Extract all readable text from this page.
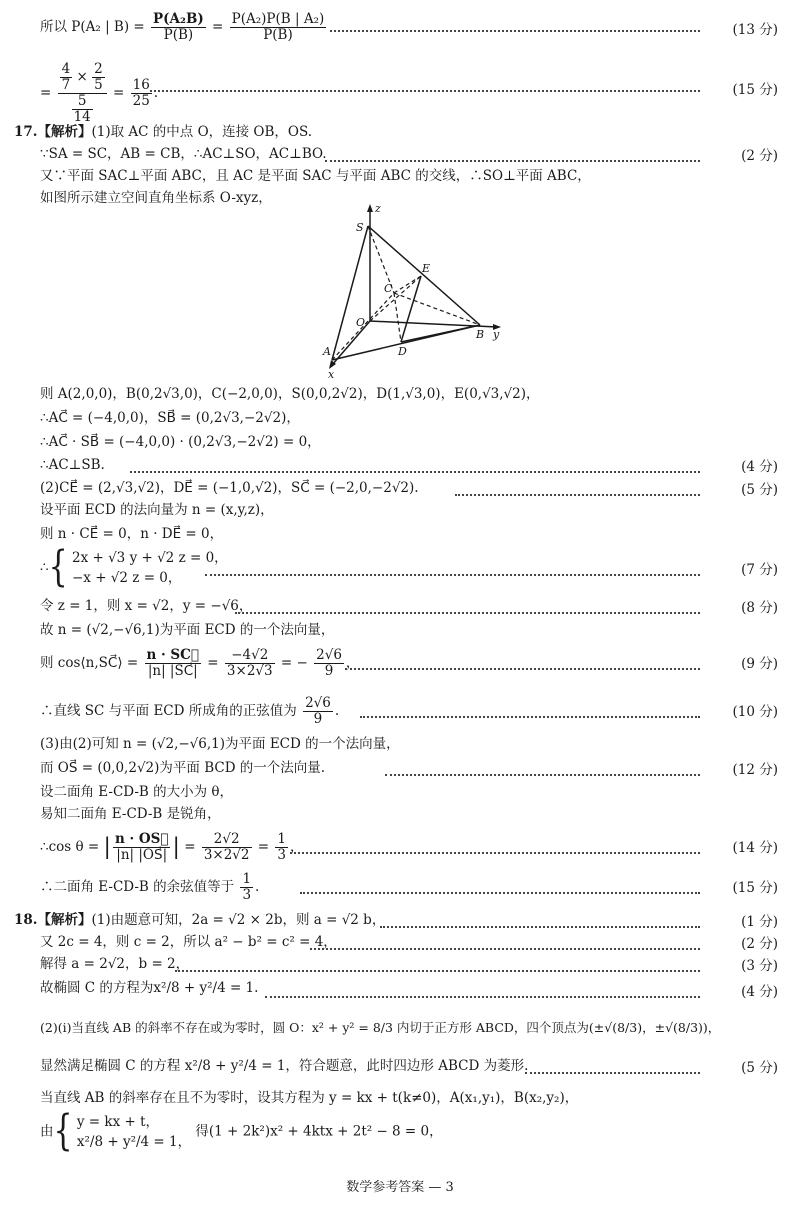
所以 P(A₂ | $B) = \frac{\text{P(A₂B)}}{P(B)} = \frac{\text{P(A₂)P(B | A₂)}}{P(B)}$	(13 分)
= $\frac{\frac{4}{7} \times \frac{2}{5}}{\frac{5}{14}} = \frac{16}{25}$ .	(15 分)
17.【解析】(1)取 AC 的中点 O，连接 OB，OS.
∵SA = SC，AB = CB，∴AC⊥SO，AC⊥BO.	(2 分)
又∵平面 SAC⊥平面 ABC，且 AC 是平面 SAC 与平面 ABC 的交线，∴SO⊥平面 ABC，
如图所示建立空间直角坐标系 O-xyz，
z
S
E
C
O
B y
D
A
x
则 A(2,0,0)，B(0,2√3,0)，C(−2,0,0)，S(0,0,2√2)，D(1,√3,0)，E(0,√3,√2)，
∴AC⃗ = (−4,0,0)，SB⃗ = (0,2√3,−2√2)，
∴AC⃗ · SB⃗ = (−4,0,0) · (0,2√3,−2√2) = 0，
∴AC⊥SB.	(4 分)
(2)CE⃗ = (2,√3,√2)，DE⃗ = (−1,0,√2)，SC⃗ = (−2,0,−2√2).	(5 分)
设平面 ECD 的法向量为 n = (x,y,z)，
则 n · CE⃗ = 0，n · DE⃗ = 0，
∴{ 2x + √3 y + √2 z = 0，
−x + √2 z = 0，	(7 分)
令 z = 1，则 x = √2，y = −√6，	(8 分)
故 n = (√2,−√6,1)为平面 ECD 的一个法向量，
则 cos⟨n,SC⃗⟩ = $\frac{n \cdot SC⃗}{|n| |SC⃗|} = \frac{-4√2}{3\times 2√3}$ = − $\frac{2√6}{9}$ ，	(9 分)
∴直线 SC 与平面 ECD 所成角的正弦值为 $\frac{2√6}{9}$ .	(10 分)
(3)由(2)可知 n = (√2,−√6,1)为平面 ECD 的一个法向量，
而 OS⃗ = (0,0,2√2)为平面 BCD 的一个法向量.	(12 分)
设二面角 E-CD-B 的大小为 θ，
易知二面角 E-CD-B 是锐角，
∴cos θ = | $\frac{n \cdot OS⃗}{|n| |OS⃗|}$ | = $\frac{2√2}{3\times 2√2} = \frac{1}{3}$ ，	(14 分)
∴二面角 E-CD-B 的余弦值等于 $\frac{1}{3}$ .	(15 分)
18.【解析】(1)由题意可知，2a = √2 × 2b，则 a = √2 b，	(1 分)
又 2c = 4，则 c = 2，所以 a² − b² = c² = 4，	(2 分)
解得 a = 2√2，b = 2，	(3 分)
故椭圆 C 的方程为x²/8 + y²/4 = 1.	(4 分)
(2)(i)当直线 AB 的斜率不存在或为零时，圆 O：x² + y² = 8/3 内切于正方形 ABCD，四个顶点为(±√(8/3)，±√(8/3))，
显然满足椭圆 C 的方程 x²/8 + y²/4 = 1，符合题意，此时四边形 ABCD 为菱形.	(5 分)
当直线 AB 的斜率存在且不为零时，设其方程为 y = kx + t(k≠0)，A(x₁,y₁)，B(x₂,y₂)，
由{ y = kx + t，
x²/8 + y²/4 = 1，
得(1 + 2k²)x² + 4ktx + 2t² − 8 = 0，
数学参考答案 — 3
